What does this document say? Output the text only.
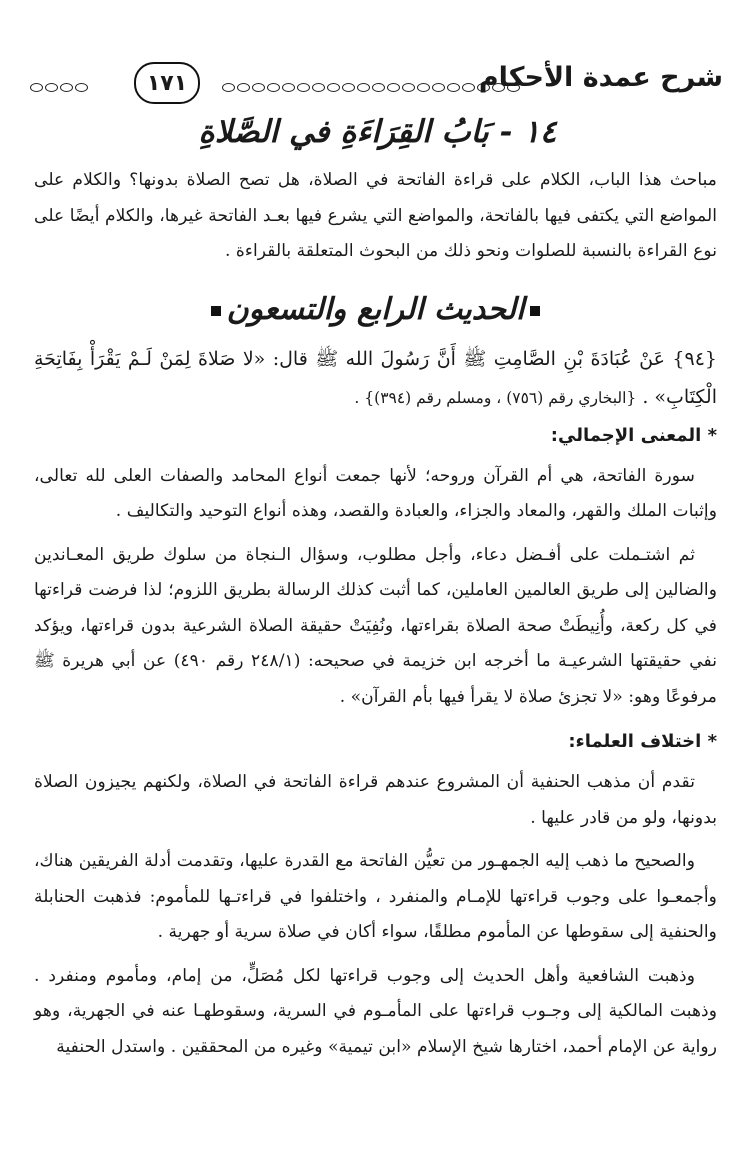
١٧١	شرح عمدة الأحكام
١٤ - بَابُ القِرَاءَةِ في الصَّلاةِ

مباحث هذا الباب، الكلام على قراءة الفاتحة في الصلاة، هل تصح الصلاة بدونها؟ والكلام على المواضع التي يكتفى فيها بالفاتحة، والمواضع التي يشرع فيها بعـد الفاتحة غيرها، والكلام أيضًا على نوع القراءة بالنسبة للصلوات ونحو ذلك من البحوث المتعلقة بالقراءة .

الحديث الرابع والتسعون

{٩٤} عَنْ عُبَادَةَ بْنِ الصَّامِتِ ﷺ أَنَّ رَسُولَ الله ﷺ قال: «لا صَلاةَ لِمَنْ لَـمْ يَقْرَأْ بِفَاتِحَةِ الْكِتَابِ» . {البخاري رقم (٧٥٦) ، ومسلم رقم (٣٩٤)} .

* المعنى الإجمالي:

سورة الفاتحة، هي أم القرآن وروحه؛ لأنها جمعت أنواع المحامد والصفات العلى لله تعالى، وإثبات الملك والقهر، والمعاد والجزاء، والعبادة والقصد، وهذه أنواع التوحيد والتكاليف .

ثم اشتـملت على أفـضل دعاء، وأجل مطلوب، وسؤال الـنجاة من سلوك طريق المعـاندين والضالين إلى طريق العالمين العاملين، كما أثبت كذلك الرسالة بطريق اللزوم؛ لذا فرضت قراءتها في كل ركعة، وأُنِيطَتْ صحة الصلاة بقراءتها، ونُفِيَتْ حقيقة الصلاة الشرعية بدون قراءتها، ويؤكد نفي حقيقتها الشرعيـة ما أخرجه ابن خزيمة في صحيحه: (٢٤٨/١ رقم ٤٩٠) عن أبي هريرة ﷺ مرفوعًا وهو: «لا تجزئ صلاة لا يقرأ فيها بأم القرآن» .

* اختلاف العلماء:

تقدم أن مذهب الحنفية أن المشروع عندهم قراءة الفاتحة في الصلاة، ولكنهم يجيزون الصلاة بدونها، ولو من قادر عليها .

والصحيح ما ذهب إليه الجمهـور من تعيُّن الفاتحة مع القدرة عليها، وتقدمت أدلة الفريقين هناك، وأجمعـوا على وجوب قراءتها للإمـام والمنفرد ، واختلفوا في قراءتـها للمأموم: فذهبت الحنابلة والحنفية إلى سقوطها عن المأموم مطلقًا، سواء أكان في صلاة سرية أو جهرية .

وذهبت الشافعية وأهل الحديث إلى وجوب قراءتها لكل مُصَلٍّ، من إمام، ومأموم ومنفرد . وذهبت المالكية إلى وجـوب قراءتها على المأمـوم في السرية، وسقوطهـا عنه في الجهرية، وهو رواية عن الإمام أحمد، اختارها شيخ الإسلام «ابن تيمية» وغيره من المحققين . واستدل الحنفية
